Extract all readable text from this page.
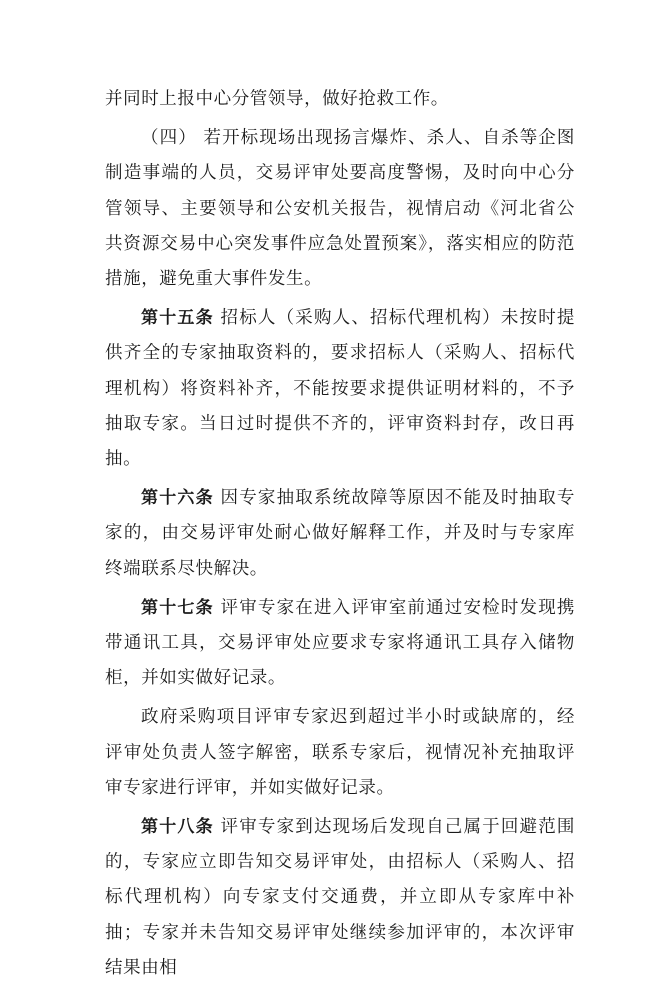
并同时上报中心分管领导，做好抢救工作。

（四） 若开标现场出现扬言爆炸、杀人、自杀等企图制造事端的人员，交易评审处要高度警惕，及时向中心分管领导、主要领导和公安机关报告，视情启动《河北省公共资源交易中心突发事件应急处置预案》，落实相应的防范措施，避免重大事件发生。

第十五条 招标人（采购人、招标代理机构）未按时提供齐全的专家抽取资料的，要求招标人（采购人、招标代理机构）将资料补齐，不能按要求提供证明材料的，不予抽取专家。当日过时提供不齐的，评审资料封存，改日再抽。

第十六条 因专家抽取系统故障等原因不能及时抽取专家的，由交易评审处耐心做好解释工作，并及时与专家库终端联系尽快解决。

第十七条 评审专家在进入评审室前通过安检时发现携带通讯工具，交易评审处应要求专家将通讯工具存入储物柜，并如实做好记录。

政府采购项目评审专家迟到超过半小时或缺席的，经评审处负责人签字解密，联系专家后，视情况补充抽取评审专家进行评审，并如实做好记录。

第十八条 评审专家到达现场后发现自己属于回避范围的，专家应立即告知交易评审处，由招标人（采购人、招标代理机构）向专家支付交通费，并立即从专家库中补抽；专家并未告知交易评审处继续参加评审的，本次评审结果由相
